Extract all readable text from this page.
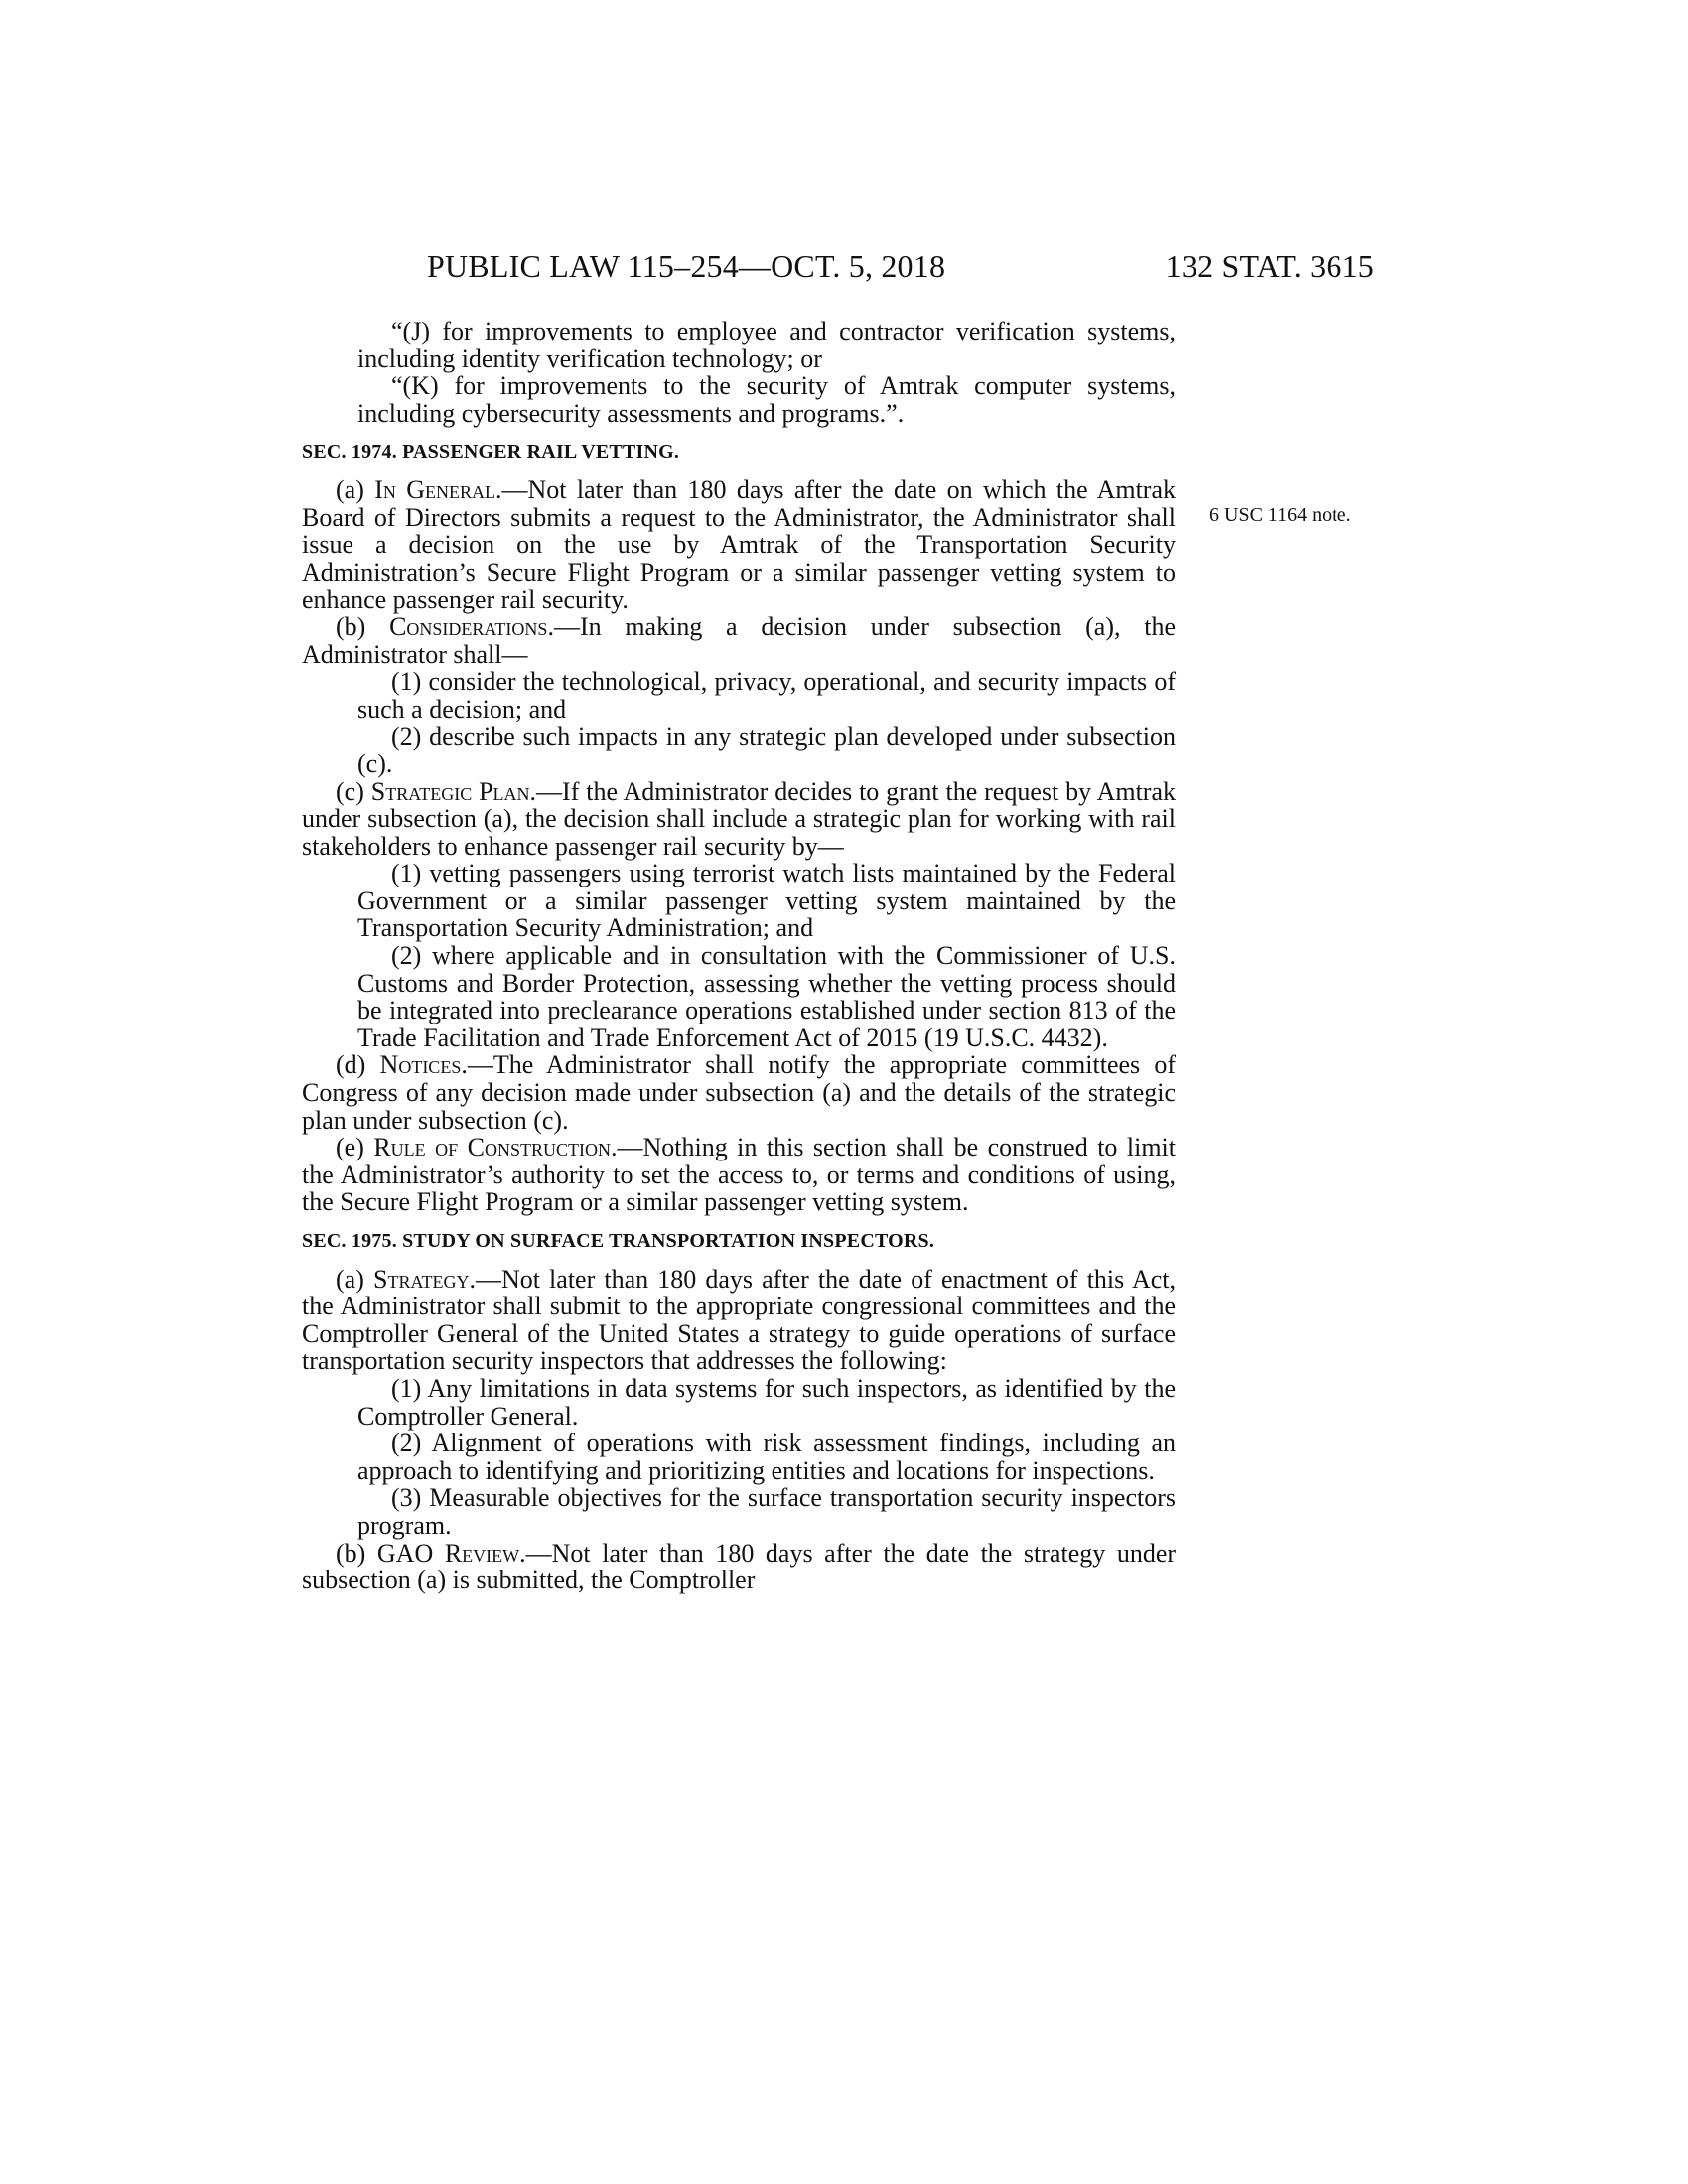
PUBLIC LAW 115–254—OCT. 5, 2018	132 STAT. 3615
6 USC 1164 note.

“(J) for improvements to employee and contractor verification systems, including identity verification technology; or

“(K) for improvements to the security of Amtrak computer systems, including cybersecurity assessments and programs.”.

SEC. 1974. PASSENGER RAIL VETTING.

(a) In General.—Not later than 180 days after the date on which the Amtrak Board of Directors submits a request to the Administrator, the Administrator shall issue a decision on the use by Amtrak of the Transportation Security Administration’s Secure Flight Program or a similar passenger vetting system to enhance passenger rail security.

(b) Considerations.—In making a decision under subsection (a), the Administrator shall—

(1) consider the technological, privacy, operational, and security impacts of such a decision; and

(2) describe such impacts in any strategic plan developed under subsection (c).

(c) Strategic Plan.—If the Administrator decides to grant the request by Amtrak under subsection (a), the decision shall include a strategic plan for working with rail stakeholders to enhance passenger rail security by—

(1) vetting passengers using terrorist watch lists maintained by the Federal Government or a similar passenger vetting system maintained by the Transportation Security Administration; and

(2) where applicable and in consultation with the Commissioner of U.S. Customs and Border Protection, assessing whether the vetting process should be integrated into preclearance operations established under section 813 of the Trade Facilitation and Trade Enforcement Act of 2015 (19 U.S.C. 4432).

(d) Notices.—The Administrator shall notify the appropriate committees of Congress of any decision made under subsection (a) and the details of the strategic plan under subsection (c).

(e) Rule of Construction.—Nothing in this section shall be construed to limit the Administrator’s authority to set the access to, or terms and conditions of using, the Secure Flight Program or a similar passenger vetting system.

SEC. 1975. STUDY ON SURFACE TRANSPORTATION INSPECTORS.

(a) Strategy.—Not later than 180 days after the date of enactment of this Act, the Administrator shall submit to the appropriate congressional committees and the Comptroller General of the United States a strategy to guide operations of surface transportation security inspectors that addresses the following:

(1) Any limitations in data systems for such inspectors, as identified by the Comptroller General.

(2) Alignment of operations with risk assessment findings, including an approach to identifying and prioritizing entities and locations for inspections.

(3) Measurable objectives for the surface transportation security inspectors program.

(b) GAO Review.—Not later than 180 days after the date the strategy under subsection (a) is submitted, the Comptroller
